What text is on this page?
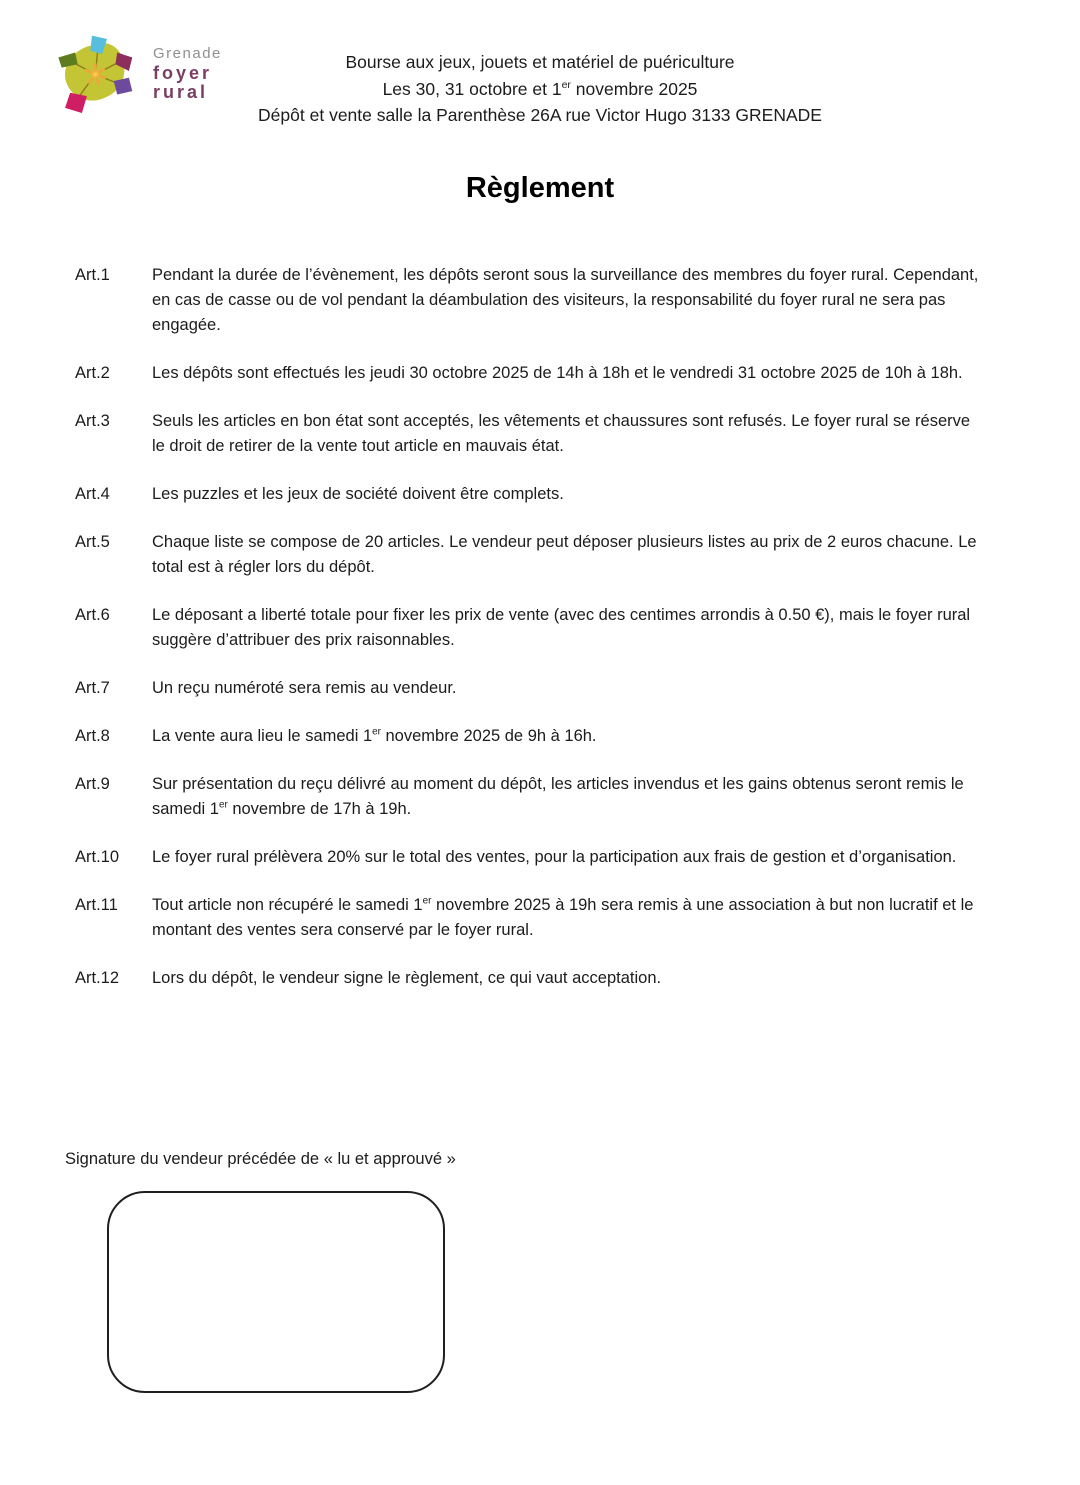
Grenade
foyer
rural
Bourse aux jeux, jouets et matériel de puériculture
Les 30, 31 octobre et 1er novembre 2025
Dépôt et vente salle la Parenthèse 26A rue Victor Hugo 3133 GRENADE
Règlement
Art.1	Pendant la durée de l’évènement, les dépôts seront sous la surveillance des membres du foyer rural. Cependant, en cas de casse ou de vol pendant la déambulation des visiteurs, la responsabilité du foyer rural ne sera pas engagée.
Art.2	Les dépôts sont effectués les jeudi 30 octobre 2025 de 14h à 18h et le vendredi 31 octobre 2025 de 10h à 18h.
Art.3	Seuls les articles en bon état sont acceptés, les vêtements et chaussures sont refusés. Le foyer rural se réserve le droit de retirer de la vente tout article en mauvais état.
Art.4	Les puzzles et les jeux de société doivent être complets.
Art.5	Chaque liste se compose de 20 articles. Le vendeur peut déposer plusieurs listes au prix de 2 euros chacune. Le total est à régler lors du dépôt.
Art.6	Le déposant a liberté totale pour fixer les prix de vente (avec des centimes arrondis à 0.50 €), mais le foyer rural suggère d’attribuer des prix raisonnables.
Art.7	Un reçu numéroté sera remis au vendeur.
Art.8	La vente aura lieu le samedi 1er novembre 2025 de 9h à 16h.
Art.9	Sur présentation du reçu délivré au moment du dépôt, les articles invendus et les gains obtenus seront remis le samedi 1er novembre de 17h à 19h.
Art.10	Le foyer rural prélèvera 20% sur le total des ventes, pour la participation aux frais de gestion et d’organisation.
Art.11	Tout article non récupéré le samedi 1er novembre 2025 à 19h sera remis à une association à but non lucratif et le montant des ventes sera conservé par le foyer rural.
Art.12	Lors du dépôt, le vendeur signe le règlement, ce qui vaut acceptation.
Signature du vendeur précédée de « lu et approuvé »
